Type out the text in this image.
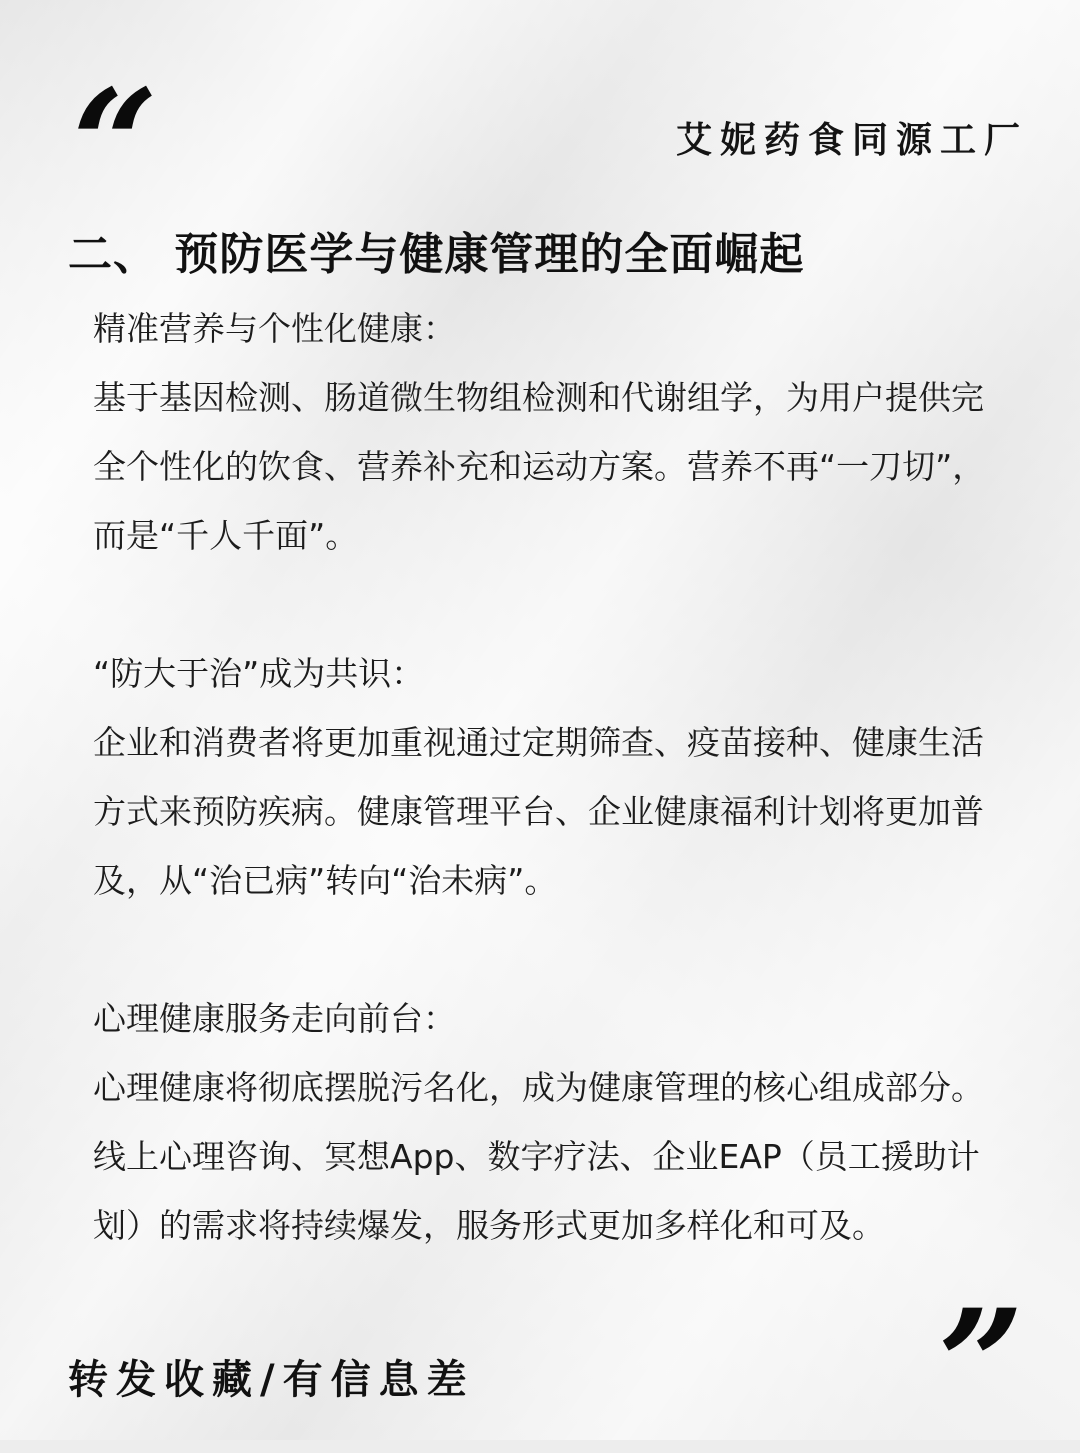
“	艾妮药食同源工厂
二、 预防医学与健康管理的全面崛起

精准营养与个性化健康：

基于基因检测、肠道微生物组检测和代谢组学，为用户提供完全个性化的饮食、营养补充和运动方案。营养不再“一刀切”，而是“千人千面”。

“防大于治”成为共识：

企业和消费者将更加重视通过定期筛查、疫苗接种、健康生活方式来预防疾病。健康管理平台、企业健康福利计划将更加普及，从“治已病”转向“治未病”。

心理健康服务走向前台：

心理健康将彻底摆脱污名化，成为健康管理的核心组成部分。线上心理咨询、冥想App、数字疗法、企业EAP（员工援助计划）的需求将持续爆发，服务形式更加多样化和可及。

”
转发收藏/有信息差
